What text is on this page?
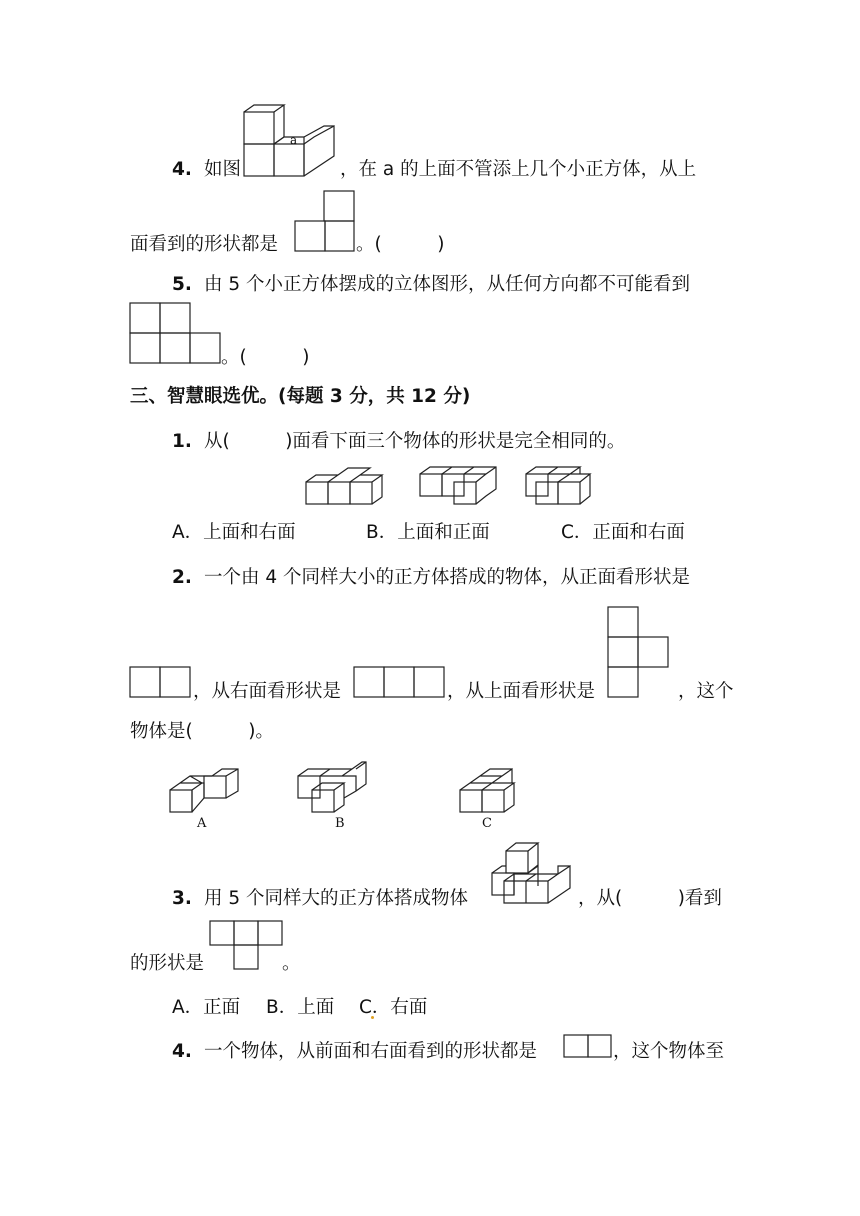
4. 如图
a
，在 a 的上面不管添上几个小正方体，从上
面看到的形状都是	。(　　　)
5. 由 5 个小正方体摆成的立体图形，从任何方向都不可能看到
。(　　　)
三、智慧眼选优。(每题 3 分，共 12 分)
1. 从(　　　)面看下面三个物体的形状是完全相同的。
A．上面和右面	B．上面和正面	C．正面和右面
2. 一个由 4 个同样大小的正方体搭成的物体，从正面看形状是
，从右面看形状是	，从上面看形状是	，这个
物体是(　　　)。
A	B	C
3. 用 5 个同样大的正方体搭成物体	，从(　　　)看到
的形状是	。
A．正面 B．上面 C．右面
4. 一个物体，从前面和右面看到的形状都是	，这个物体至
